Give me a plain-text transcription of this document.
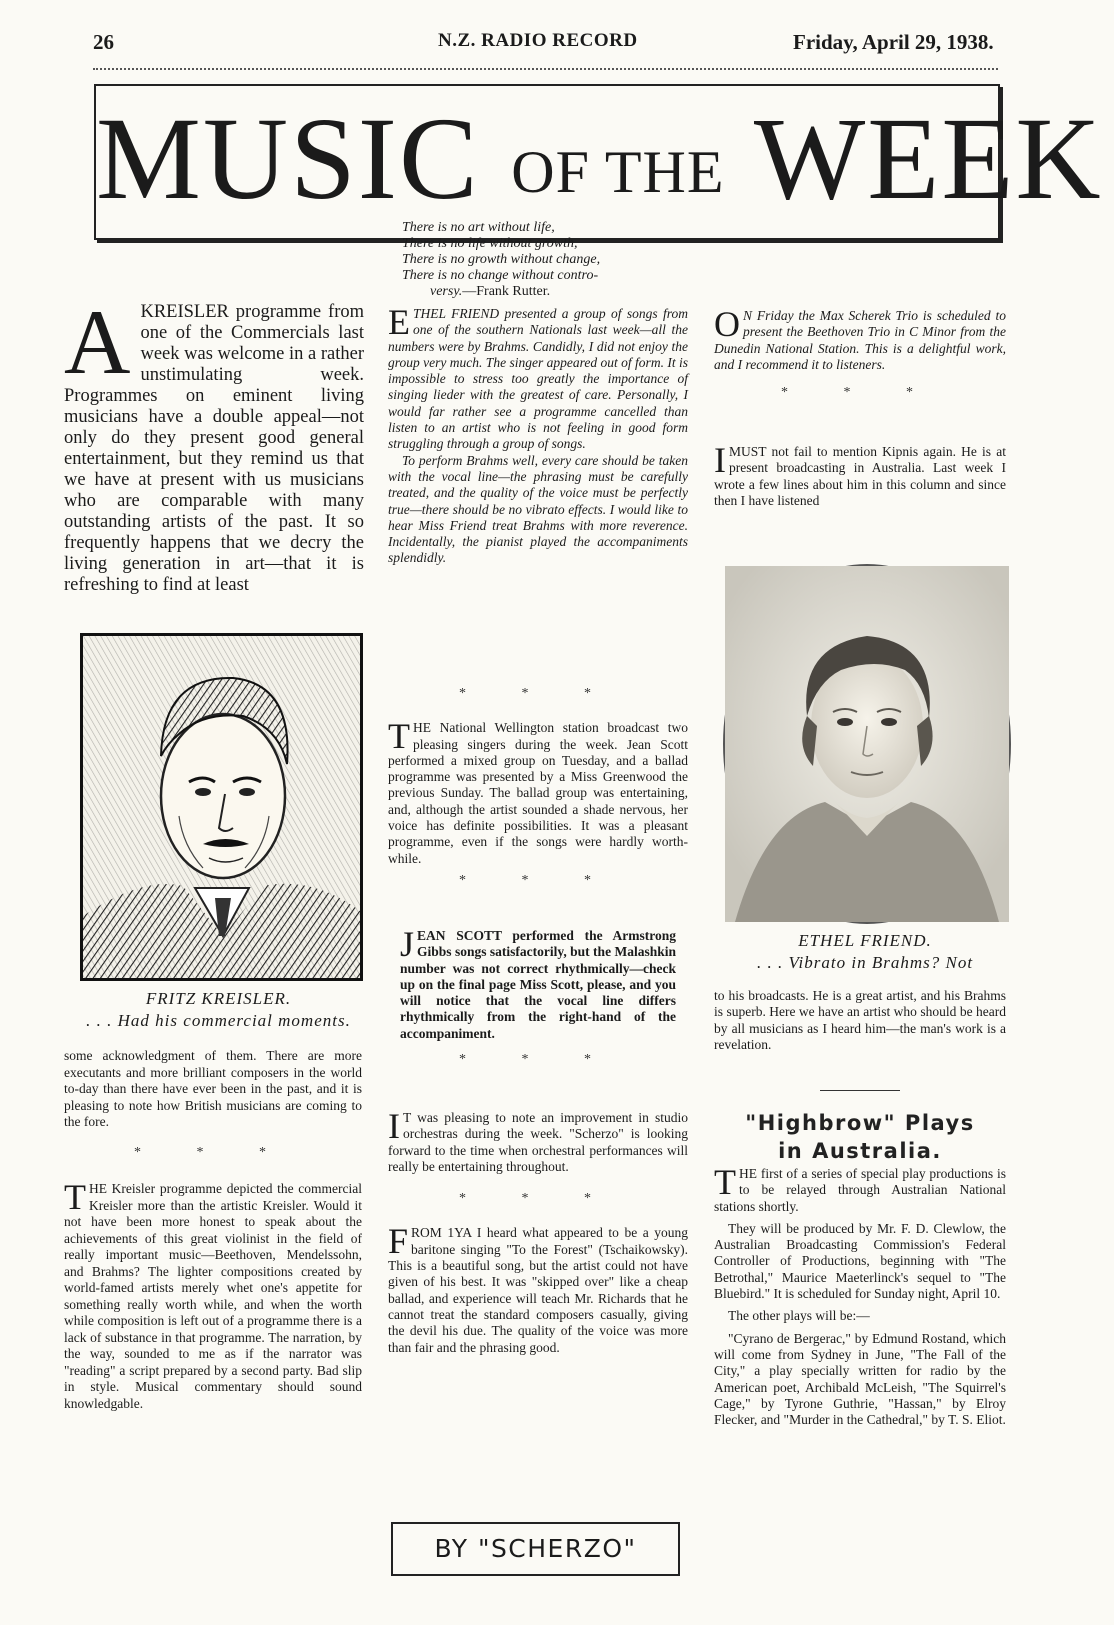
26	N.Z. RADIO RECORD	Friday, April 29, 1938.
MUSIC OF THE WEEK
There is no art without life,
There is no life without growth,
There is no growth without change,
There is no change without contro-
versy.—Frank Rutter.

A KREISLER programme from one of the Commercials last week was welcome in a rather unstimulating week. Programmes on eminent living musicians have a double appeal—not only do they present good general entertainment, but they remind us that we have at present with us musicians who are comparable with many outstanding artists of the past. It so frequently happens that we decry the living generation in art—that it is refreshing to find at least

FRITZ KREISLER.
. . . Had his commercial moments.

some acknowledgment of them. There are more executants and more brilliant composers in the world to-day than there have ever been in the past, and it is pleasing to note how British musicians are coming to the fore.

* * *

T HE Kreisler programme depicted the commercial Kreisler more than the artistic Kreisler. Would it not have been more honest to speak about the achievements of this great violinist in the field of really important music—Beethoven, Mendelssohn, and Brahms? The lighter compositions created by world-famed artists merely whet one's appetite for something really worth while, and when the worth while composition is left out of a programme there is a lack of substance in that programme. The narration, by the way, sounded to me as if the narrator was "reading" a script prepared by a second party. Bad slip in style. Musical commentary should sound knowledgable.

E THEL FRIEND presented a group of songs from one of the southern Nationals last week—all the numbers were by Brahms. Candidly, I did not enjoy the group very much. The singer appeared out of form. It is impossible to stress too greatly the importance of singing lieder with the greatest of care. Personally, I would far rather see a programme cancelled than listen to an artist who is not feeling in good form struggling through a group of songs.

To perform Brahms well, every care should be taken with the vocal line—the phrasing must be carefully treated, and the quality of the voice must be perfectly true—there should be no vibrato effects. I would like to hear Miss Friend treat Brahms with more reverence. Incidentally, the pianist played the accompaniments splendidly.

* * *

T HE National Wellington station broadcast two pleasing singers during the week. Jean Scott performed a mixed group on Tuesday, and a ballad programme was presented by a Miss Greenwood the previous Sunday. The ballad group was entertaining, and, although the artist sounded a shade nervous, her voice has definite possibilities. It was a pleasant programme, even if the songs were hardly worth-while.

* * *

J EAN SCOTT performed the Armstrong Gibbs songs satisfactorily, but the Malashkin number was not correct rhythmically—check up on the final page Miss Scott, please, and you will notice that the vocal line differs rhythmically from the right-hand of the accompaniment.

* * *

I T was pleasing to note an improvement in studio orchestras during the week. "Scherzo" is looking forward to the time when orchestral performances will really be entertaining throughout.

* * *

F ROM 1YA I heard what appeared to be a young baritone singing "To the Forest" (Tschaikowsky). This is a beautiful song, but the artist could not have given of his best. It was "skipped over" like a cheap ballad, and experience will teach Mr. Richards that he cannot treat the standard composers casually, giving the devil his due. The quality of the voice was more than fair and the phrasing good.

BY "SCHERZO"

O N Friday the Max Scherek Trio is scheduled to present the Beethoven Trio in C Minor from the Dunedin National Station. This is a delightful work, and I recommend it to listeners.

* * *

I MUST not fail to mention Kipnis again. He is at present broadcasting in Australia. Last week I wrote a few lines about him in this column and since then I have listened

ETHEL FRIEND.
. . . Vibrato in Brahms? Not

to his broadcasts. He is a great artist, and his Brahms is superb. Here we have an artist who should be heard by all musicians as I heard him—the man's work is a revelation.

"Highbrow" Plays
in Australia.

T HE first of a series of special play productions is to be relayed through Australian National stations shortly.

They will be produced by Mr. F. D. Clewlow, the Australian Broadcasting Commission's Federal Controller of Productions, beginning with "The Betrothal," Maurice Maeterlinck's sequel to "The Bluebird." It is scheduled for Sunday night, April 10.

The other plays will be:—

"Cyrano de Bergerac," by Edmund Rostand, which will come from Sydney in June, "The Fall of the City," a play specially written for radio by the American poet, Archibald McLeish, "The Squirrel's Cage," by Tyrone Guthrie, "Hassan," by Elroy Flecker, and "Murder in the Cathedral," by T. S. Eliot.
